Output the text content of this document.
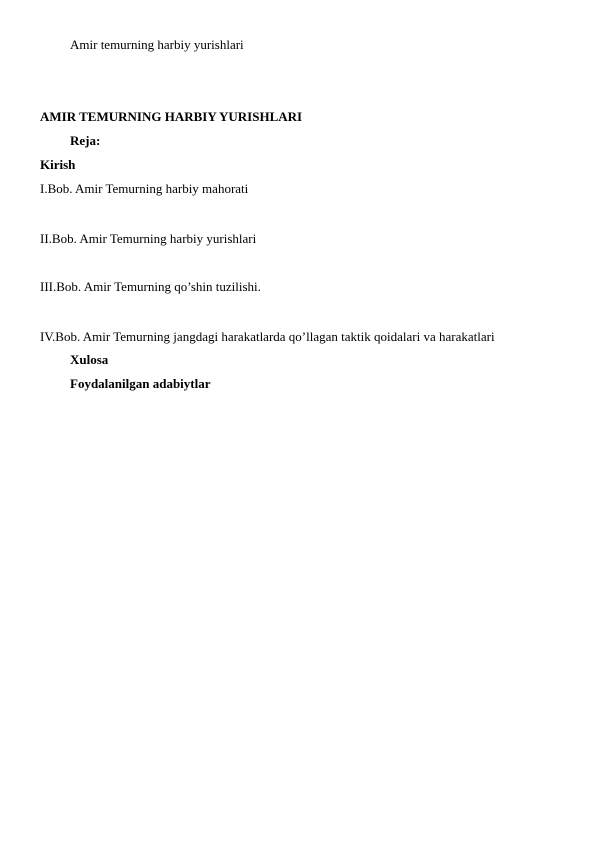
Amir temurning harbiy yurishlari
AMIR TEMURNING HARBIY YURISHLARI
Reja:
Kirish
I.Bob. Amir Temurning harbiy mahorati
II.Bob. Amir Temurning harbiy yurishlari
III.Bob. Amir Temurning qo’shin tuzilishi.
IV.Bob. Amir Temurning jangdagi harakatlarda qo’llagan taktik qoidalari va harakatlari
Xulosa
Foydalanilgan adabiytlar
